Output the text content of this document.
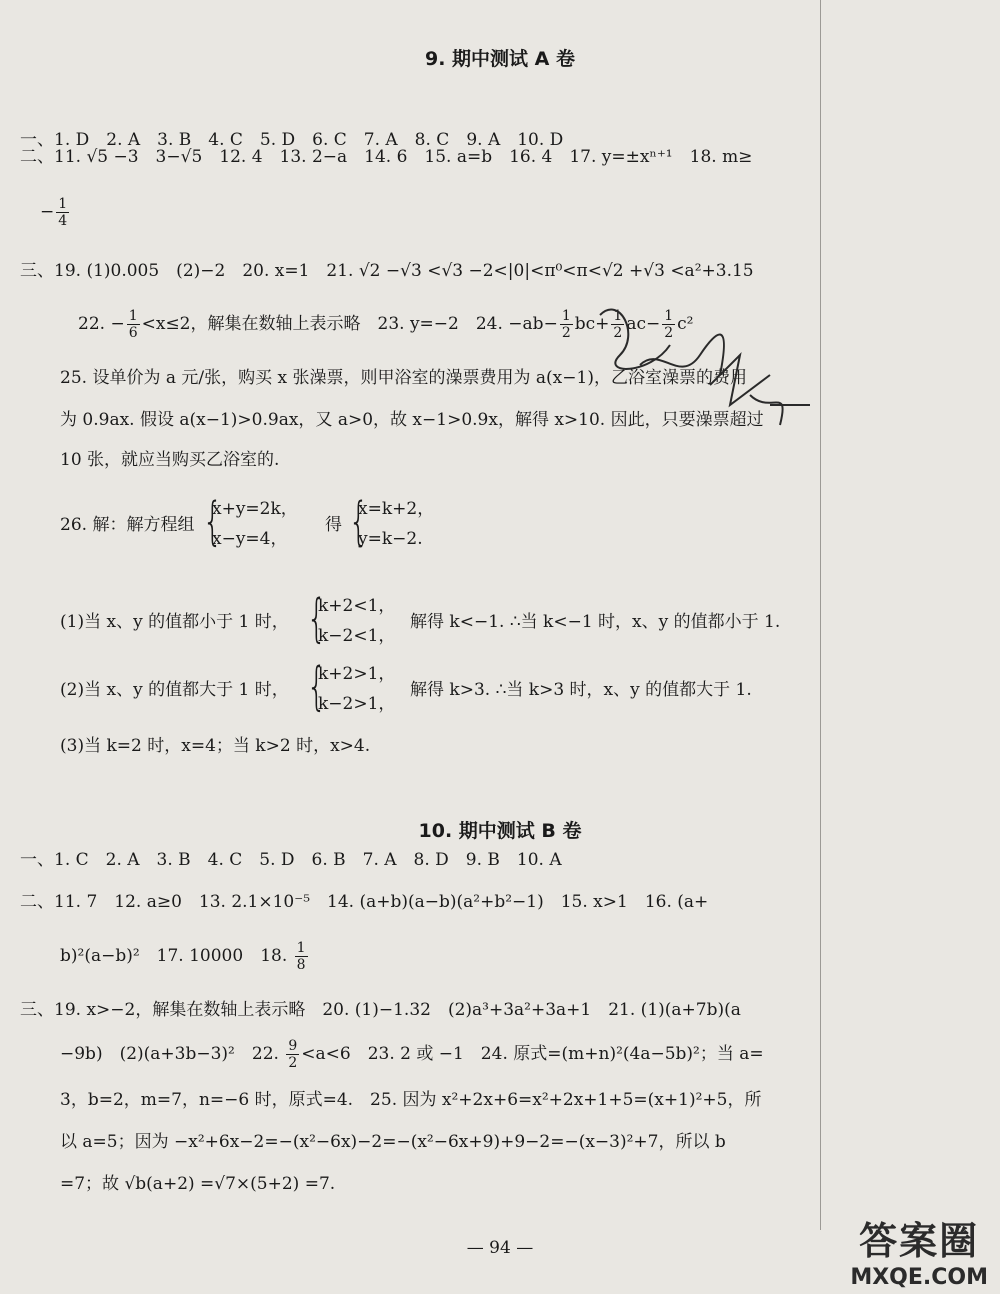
9. 期中测试 A 卷
一、1. D　2. A　3. B　4. C　5. D　6. C　7. A　8. C　9. A　10. D
二、11. √5 −3　3−√5　12. 4　13. 2−a　14. 6　15. a=b　16. 4　17. y=±xⁿ⁺¹　18. m≥
− $\frac{1}{4}$
三、19. (1)0.005　(2)−2　20. x=1　21. √2 −√3 <√3 −2<|0|<π⁰<π<√2 +√3 <a²+3.15
22. − $\frac{1}{6} <x\le 2$，解集在数轴上表示略　23. y=−2　24. $-ab- \frac{1}{2} bc+ \frac{1}{2} ac- \frac{1}{2} c^2$
25. 设单价为 a 元/张，购买 x 张澡票，则甲浴室的澡票费用为 a(x−1)，乙浴室澡票的费用
为 0.9ax. 假设 a(x−1)>0.9ax，又 a>0，故 x−1>0.9x，解得 x>10. 因此，只要澡票超过
10 张，就应当购买乙浴室的.
26. 解：解方程组 {
x+y=2k，
x−y=4，
得 {
x=k+2，
y=k−2.
(1)当 x、y 的值都小于 1 时， {
k+2<1，
k−2<1，
解得 k<−1. ∴当 k<−1 时，x、y 的值都小于 1.
(2)当 x、y 的值都大于 1 时， {
k+2>1，
k−2>1，
解得 k>3. ∴当 k>3 时，x、y 的值都大于 1.
(3)当 k=2 时，x=4；当 k>2 时，x>4.
10. 期中测试 B 卷
一、1. C　2. A　3. B　4. C　5. D　6. B　7. A　8. D　9. B　10. A
二、11. 7　12. a≥0　13. 2.1×10⁻⁵　14. (a+b)(a−b)(a²+b²−1)　15. x>1　16. (a+
b)²(a−b)²　17. 10000　18. $\frac{1}{8}$
三、19. x>−2，解集在数轴上表示略　20. (1)−1.32　(2)a³+3a²+3a+1　21. (1)(a+7b)(a
−9b)　(2)(a+3b−3)²　22. $\frac{9}{2} <a<6$　23. 2 或 −1　24. 原式=(m+n)²(4a−5b)²；当 a=
3，b=2，m=7，n=−6 时，原式=4.　25. 因为 x²+2x+6=x²+2x+1+5=(x+1)²+5，所
以 a=5；因为 −x²+6x−2=−(x²−6x)−2=−(x²−6x+9)+9−2=−(x−3)²+7，所以 b
=7；故 √b(a+2) =√7×(5+2) =7.
— 94 —	答案圈
MXQE.COM
